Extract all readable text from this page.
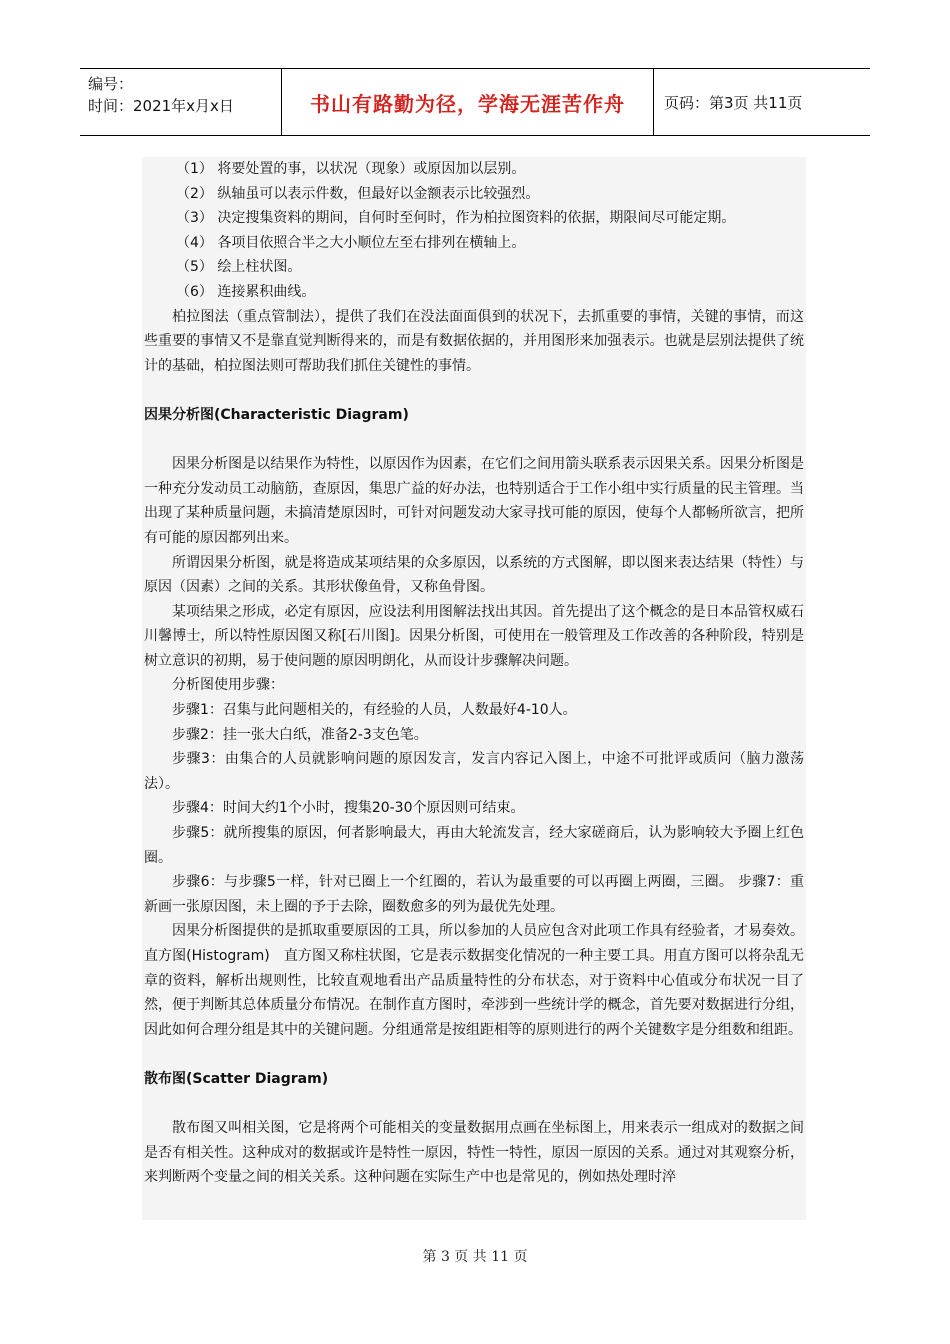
编号：
时间：2021年x月x日	书山有路勤为径，学海无涯苦作舟	页码：第3页 共11页
（1） 将要处置的事，以状况（现象）或原因加以层别。
（2） 纵轴虽可以表示件数，但最好以金额表示比较强烈。
（3） 决定搜集资料的期间，自何时至何时，作为柏拉图资料的依据，期限间尽可能定期。
（4） 各项目依照合半之大小顺位左至右排列在横轴上。
（5） 绘上柱状图。
（6） 连接累积曲线。
柏拉图法（重点管制法），提供了我们在没法面面俱到的状况下，去抓重要的事情，关键的事情，而这些重要的事情又不是靠直觉判断得来的，而是有数据依据的，并用图形来加强表示。也就是层别法提供了统计的基础，柏拉图法则可帮助我们抓住关键性的事情。
因果分析图(Characteristic Diagram)
因果分析图是以结果作为特性，以原因作为因素，在它们之间用箭头联系表示因果关系。因果分析图是一种充分发动员工动脑筋，查原因，集思广益的好办法，也特别适合于工作小组中实行质量的民主管理。当出现了某种质量问题，未搞清楚原因时，可针对问题发动大家寻找可能的原因，使每个人都畅所欲言，把所有可能的原因都列出来。
所谓因果分析图，就是将造成某项结果的众多原因，以系统的方式图解，即以图来表达结果（特性）与原因（因素）之间的关系。其形状像鱼骨，又称鱼骨图。
某项结果之形成，必定有原因，应设法利用图解法找出其因。首先提出了这个概念的是日本品管权威石川馨博士，所以特性原因图又称[石川图]。因果分析图，可使用在一般管理及工作改善的各种阶段，特别是树立意识的初期，易于使问题的原因明朗化，从而设计步骤解决问题。
分析图使用步骤：
步骤1：召集与此问题相关的，有经验的人员，人数最好4-10人。
步骤2：挂一张大白纸，准备2-3支色笔。
步骤3：由集合的人员就影响问题的原因发言，发言内容记入图上，中途不可批评或质问（脑力激荡 法）。
步骤4：时间大约1个小时，搜集20-30个原因则可结束。
步骤5：就所搜集的原因，何者影响最大，再由大轮流发言，经大家磋商后，认为影响较大予圈上红色圈。
步骤6：与步骤5一样，针对已圈上一个红圈的，若认为最重要的可以再圈上两圈，三圈。 步骤7：重新画一张原因图，未上圈的予于去除，圈数愈多的列为最优先处理。
因果分析图提供的是抓取重要原因的工具，所以参加的人员应包含对此项工作具有经验者，才易奏效。 直方图(Histogram)　直方图又称柱状图，它是表示数据变化情况的一种主要工具。用直方图可以将杂乱无章的资料，解析出规则性，比较直观地看出产品质量特性的分布状态，对于资料中心值或分布状况一目了然，便于判断其总体质量分布情况。在制作直方图时，牵涉到一些统计学的概念，首先要对数据进行分组，因此如何合理分组是其中的关键问题。分组通常是按组距相等的原则进行的两个关键数字是分组数和组距。
散布图(Scatter Diagram)
散布图又叫相关图，它是将两个可能相关的变量数据用点画在坐标图上，用来表示一组成对的数据之间是否有相关性。这种成对的数据或许是特性一原因，特性一特性，原因一原因的关系。通过对其观察分析，来判断两个变量之间的相关关系。这种问题在实际生产中也是常见的，例如热处理时淬
第 3 页 共 11 页
